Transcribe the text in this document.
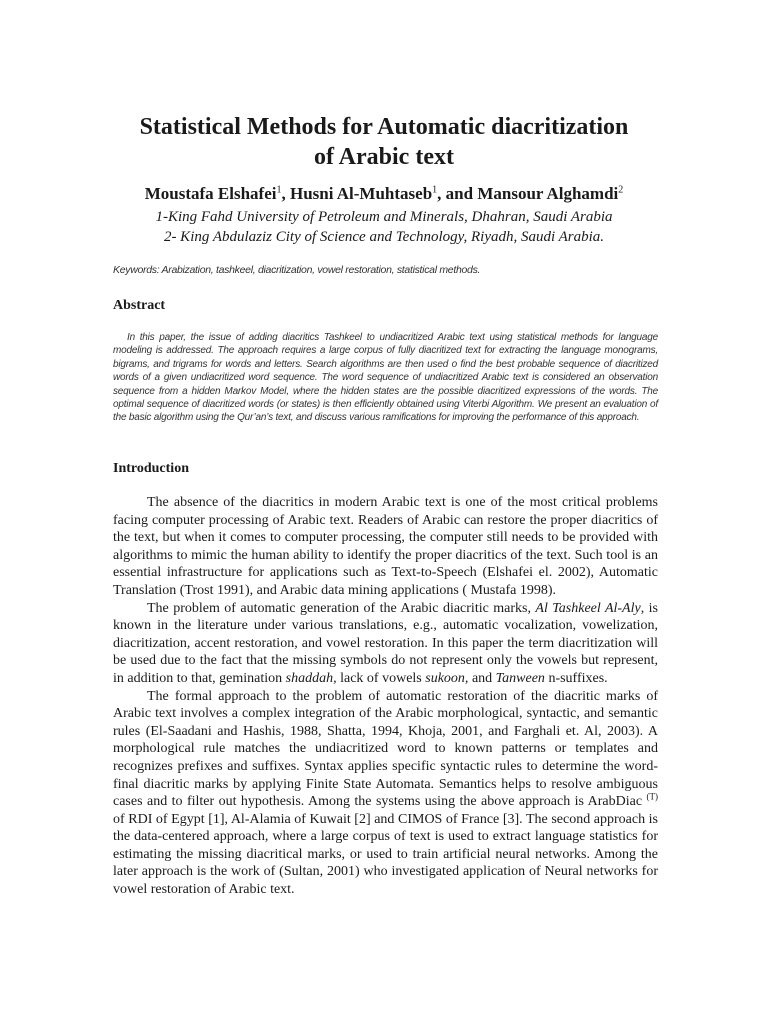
Statistical Methods for Automatic diacritization
of Arabic text
Moustafa Elshafei$^1$, Husni Al-Muhtaseb$^1$, and Mansour Alghamdi$^2$
1-King Fahd University of Petroleum and Minerals, Dhahran, Saudi Arabia
2- King Abdulaziz City of Science and Technology, Riyadh, Saudi Arabia.
Keywords: Arabization, tashkeel, diacritization, vowel restoration, statistical methods.
Abstract

In this paper, the issue of adding diacritics Tashkeel to undiacritized Arabic text using statistical methods for language modeling is addressed. The approach requires a large corpus of fully diacritized text for extracting the language monograms, bigrams, and trigrams for words and letters. Search algorithms are then used o find the best probable sequence of diacritized words of a given undiacritized word sequence. The word sequence of undiacritized Arabic text is considered an observation sequence from a hidden Markov Model, where the hidden states are the possible diacritized expressions of the words. The optimal sequence of diacritized words (or states) is then efficiently obtained using Viterbi Algorithm. We present an evaluation of the basic algorithm using the Qur’an’s text, and discuss various ramifications for improving the performance of this approach.

Introduction

The absence of the diacritics in modern Arabic text is one of the most critical problems facing computer processing of Arabic text. Readers of Arabic can restore the proper diacritics of the text, but when it comes to computer processing, the computer still needs to be provided with algorithms to mimic the human ability to identify the proper diacritics of the text. Such tool is an essential infrastructure for applications such as Text-to-Speech (Elshafei el. 2002), Automatic Translation (Trost 1991), and Arabic data mining applications ( Mustafa 1998).

The problem of automatic generation of the Arabic diacritic marks, Al Tashkeel Al-Aly, is known in the literature under various translations, e.g., automatic vocalization, vowelization, diacritization, accent restoration, and vowel restoration. In this paper the term diacritization will be used due to the fact that the missing symbols do not represent only the vowels but represent, in addition to that, gemination shaddah, lack of vowels sukoon, and Tanween n-suffixes.

The formal approach to the problem of automatic restoration of the diacritic marks of Arabic text involves a complex integration of the Arabic morphological, syntactic, and semantic rules (El-Saadani and Hashis, 1988, Shatta, 1994, Khoja, 2001, and Farghali et. Al, 2003). A morphological rule matches the undiacritized word to known patterns or templates and recognizes prefixes and suffixes. Syntax applies specific syntactic rules to determine the word-final diacritic marks by applying Finite State Automata. Semantics helps to resolve ambiguous cases and to filter out hypothesis. Among the systems using the above approach is ArabDiac $^{(T)}$ of RDI of Egypt [1], Al-Alamia of Kuwait [2] and CIMOS of France [3]. The second approach is the data-centered approach, where a large corpus of text is used to extract language statistics for estimating the missing diacritical marks, or used to train artificial neural networks. Among the later approach is the work of (Sultan, 2001) who investigated application of Neural networks for vowel restoration of Arabic text.
